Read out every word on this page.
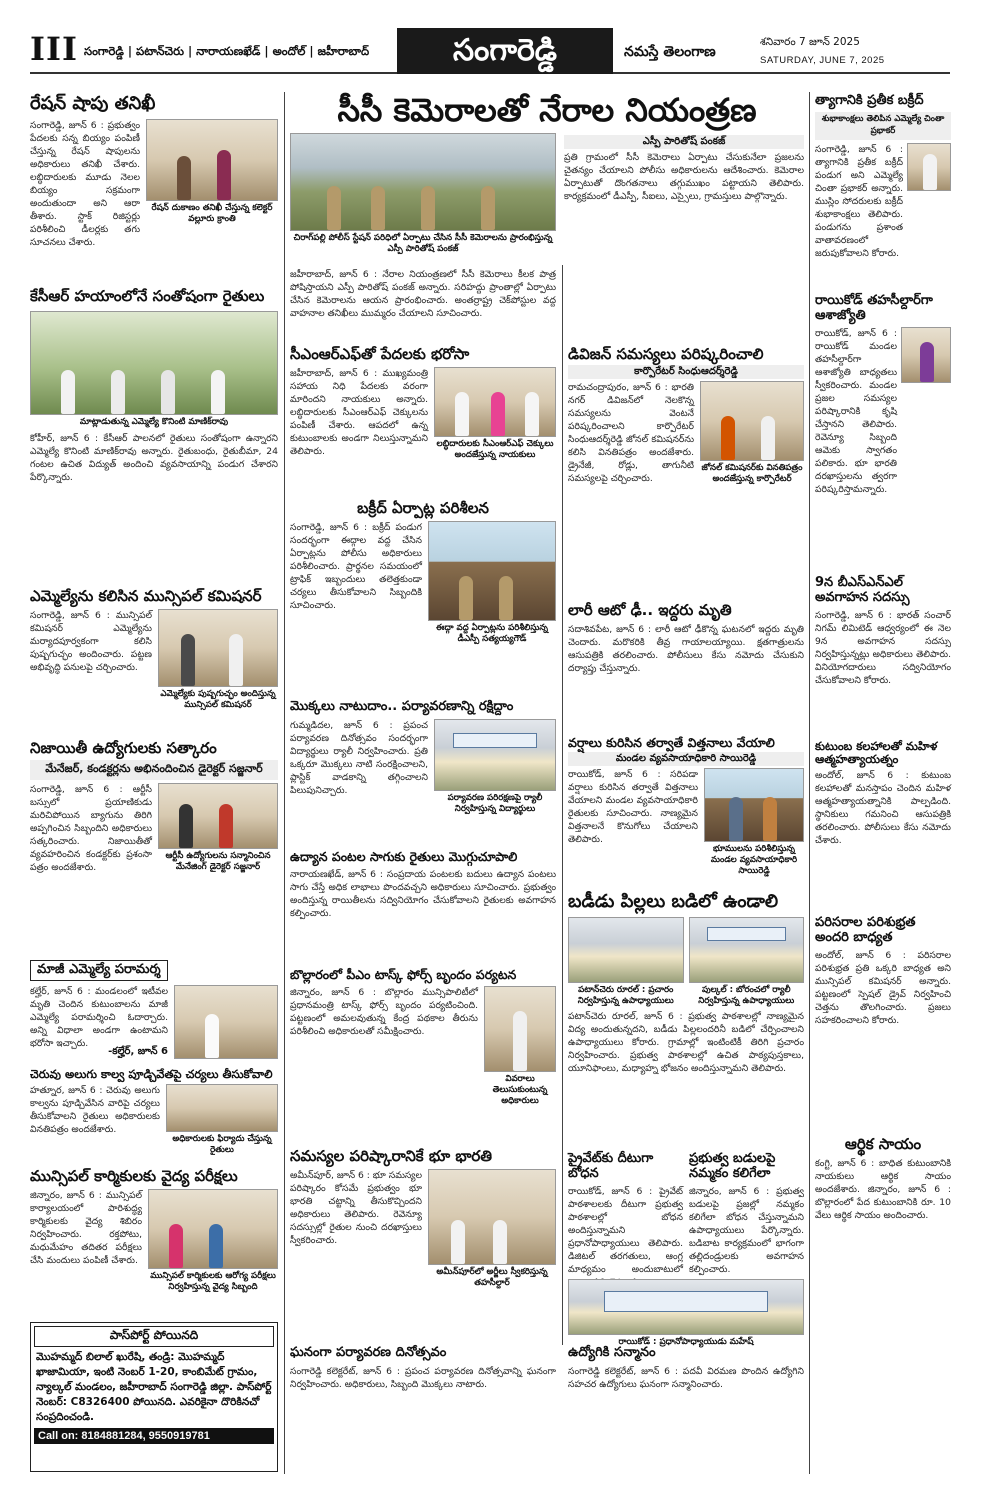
III సంగారెడ్డి | పటాన్‌చెరు | నారాయణఖేడ్ | అందోల్ | జహీరాబాద్	సంగారెడ్డి	నమస్తే తెలంగాణ
శనివారం 7 జూన్ 2025
SATURDAY, JUNE 7, 2025
రేషన్ షాపు తనిఖీ
సంగారెడ్డి, జూన్ 6 : ప్రభుత్వం పేదలకు సన్న బియ్యం పంపిణీ చేస్తున్న రేషన్ షాపులను అధికారులు తనిఖీ చేశారు. లబ్ధిదారులకు మూడు నెలల బియ్యం సక్రమంగా అందుతుందా అని ఆరా తీశారు. స్టాక్ రిజిస్టర్లు పరిశీలించి డీలర్లకు తగు సూచనలు చేశారు.
రేషన్ దుకాణం తనిఖీ చేస్తున్న కలెక్టర్ వల్లూరు క్రాంతి
కేసీఆర్ హయాంలోనే సంతోషంగా రైతులు
మాట్లాడుతున్న ఎమ్మెల్యే కొనింటి మాణిక్‌రావు
కోహీర్, జూన్ 6 : కేసీఆర్ పాలనలో రైతులు సంతోషంగా ఉన్నారని ఎమ్మెల్యే కొనింటి మాణిక్‌రావు అన్నారు. రైతుబంధు, రైతుబీమా, 24 గంటల ఉచిత విద్యుత్ అందించి వ్యవసాయాన్ని పండుగ చేశారని పేర్కొన్నారు.
ఎమ్మెల్యేను కలిసిన మున్సిపల్ కమిషనర్
సంగారెడ్డి, జూన్ 6 : మున్సిపల్ కమిషనర్ ఎమ్మెల్యేను మర్యాదపూర్వకంగా కలిసి పుష్పగుచ్ఛం అందించారు. పట్టణ అభివృద్ధి పనులపై చర్చించారు.
ఎమ్మెల్యేకు పుష్పగుచ్ఛం అందిస్తున్న మున్సిపల్ కమిషనర్
నిజాయితీ ఉద్యోగులకు సత్కారం
మేనేజర్, కండక్టర్లను అభినందించిన డైరెక్టర్ సజ్జనార్
సంగారెడ్డి, జూన్ 6 : ఆర్టీసీ బస్సులో ప్రయాణికుడు మరిచిపోయిన బ్యాగును తిరిగి అప్పగించిన సిబ్బందిని అధికారులు సత్కరించారు. నిజాయితీతో వ్యవహరించిన కండక్టర్‌కు ప్రశంసా పత్రం అందజేశారు.
ఆర్టీసీ ఉద్యోగులను సన్మానించిన మేనేజింగ్ డైరెక్టర్ సజ్జనార్
మాజీ ఎమ్మెల్యే పరామర్శ
కల్హేర్, జూన్ 6 : మండలంలో ఇటీవల మృతి చెందిన కుటుంబాలను మాజీ ఎమ్మెల్యే పరామర్శించి ఓదార్చారు. అన్ని విధాలా అండగా ఉంటామని భరోసా ఇచ్చారు.
-కల్హేర్, జూన్ 6
చెరువు అలుగు కాల్వ పూడ్చివేతపై చర్యలు తీసుకోవాలి
హత్నూర, జూన్ 6 : చెరువు అలుగు కాల్వను పూడ్చివేసిన వారిపై చర్యలు తీసుకోవాలని రైతులు అధికారులకు వినతిపత్రం అందజేశారు.
అధికారులకు ఫిర్యాదు చేస్తున్న రైతులు
మున్సిపల్ కార్మికులకు వైద్య పరీక్షలు
జిన్నారం, జూన్ 6 : మున్సిపల్ కార్యాలయంలో పారిశుద్ధ్య కార్మికులకు వైద్య శిబిరం నిర్వహించారు. రక్తపోటు, మధుమేహం తదితర పరీక్షలు చేసి మందులు పంపిణీ చేశారు.
మున్సిపల్ కార్మికులకు ఆరోగ్య పరీక్షలు నిర్వహిస్తున్న వైద్య సిబ్బంది
పాస్‌పోర్ట్ పోయినది
మొహమ్మద్ బిలాల్ ఖురేషి, తండ్రి: మొహమ్మద్ ఖాజామియా, ఇంటి నెంబర్ 1-20, కాంబిమేట్ గ్రామం, న్యాల్కల్ మండలం, జహీరాబాద్ సంగారెడ్డి జిల్లా. పాస్‌పోర్ట్ నెంబర్: C8326400 పోయినది. ఎవరికైనా దొరికినచో సంప్రదించండి.
Call on: 8184881284, 9550919781
సీసీ కెమెరాలతో నేరాల నియంత్రణ
చిరాగ్‌పల్లి పోలీస్ స్టేషన్ పరిధిలో ఏర్పాటు చేసిన సీసీ కెమెరాలను ప్రారంభిస్తున్న ఎస్పీ పారితోష్ పంకజ్
ఎస్పీ పారితోష్ పంకజ్
ప్రతి గ్రామంలో సీసీ కెమెరాలు ఏర్పాటు చేసుకునేలా ప్రజలను చైతన్యం చేయాలని పోలీసు అధికారులను ఆదేశించారు. కెమెరాల ఏర్పాటుతో దొంగతనాలు తగ్గుముఖం పట్టాయని తెలిపారు. కార్యక్రమంలో డీఎస్పీ, సీఐలు, ఎస్సైలు, గ్రామస్తులు పాల్గొన్నారు.
జహీరాబాద్, జూన్ 6 : నేరాల నియంత్రణలో సీసీ కెమెరాలు కీలక పాత్ర పోషిస్తాయని ఎస్పీ పారితోష్ పంకజ్ అన్నారు. సరిహద్దు ప్రాంతాల్లో ఏర్పాటు చేసిన కెమెరాలను ఆయన ప్రారంభించారు. అంతర్రాష్ట్ర చెక్‌పోస్టుల వద్ద వాహనాల తనిఖీలు ముమ్మరం చేయాలని సూచించారు.
సీఎంఆర్‌ఎఫ్‌తో పేదలకు భరోసా
జహీరాబాద్, జూన్ 6 : ముఖ్యమంత్రి సహాయ నిధి పేదలకు వరంగా మారిందని నాయకులు అన్నారు. లబ్ధిదారులకు సీఎంఆర్‌ఎఫ్ చెక్కులను పంపిణీ చేశారు. ఆపదలో ఉన్న కుటుంబాలకు అండగా నిలుస్తున్నామని తెలిపారు.
లబ్ధిదారులకు సీఎంఆర్‌ఎఫ్ చెక్కులు అందజేస్తున్న నాయకులు
బక్రీద్ ఏర్పాట్ల పరిశీలన
సంగారెడ్డి, జూన్ 6 : బక్రీద్ పండుగ సందర్భంగా ఈద్గాల వద్ద చేసిన ఏర్పాట్లను పోలీసు అధికారులు పరిశీలించారు. ప్రార్థనల సమయంలో ట్రాఫిక్ ఇబ్బందులు తలెత్తకుండా చర్యలు తీసుకోవాలని సిబ్బందికి సూచించారు.
ఈద్గా వద్ద ఏర్పాట్లను పరిశీలిస్తున్న డీఎస్పీ సత్యయ్యగౌడ్
మొక్కలు నాటుదాం.. పర్యావరణాన్ని రక్షిద్దాం
గుమ్మడిదల, జూన్ 6 : ప్రపంచ పర్యావరణ దినోత్సవం సందర్భంగా విద్యార్థులు ర్యాలీ నిర్వహించారు. ప్రతి ఒక్కరూ మొక్కలు నాటి సంరక్షించాలని, ప్లాస్టిక్ వాడకాన్ని తగ్గించాలని పిలుపునిచ్చారు.
పర్యావరణ పరిరక్షణపై ర్యాలీ నిర్వహిస్తున్న విద్యార్థులు
ఉద్యాన పంటల సాగుకు రైతులు మొగ్గుచూపాలి
నారాయణఖేడ్, జూన్ 6 : సంప్రదాయ పంటలకు బదులు ఉద్యాన పంటలు సాగు చేస్తే అధిక లాభాలు పొందవచ్చని అధికారులు సూచించారు. ప్రభుత్వం అందిస్తున్న రాయితీలను సద్వినియోగం చేసుకోవాలని రైతులకు అవగాహన కల్పించారు.
బొల్లారంలో పీఎం టాస్క్ ఫోర్స్ బృందం పర్యటన
జిన్నారం, జూన్ 6 : బొల్లారం మున్సిపాలిటీలో ప్రధానమంత్రి టాస్క్ ఫోర్స్ బృందం పర్యటించింది. పట్టణంలో అమలవుతున్న కేంద్ర పథకాల తీరును పరిశీలించి అధికారులతో సమీక్షించారు.
వివరాలు తెలుసుకుంటున్న అధికారులు
సమస్యల పరిష్కారానికే భూ భారతి
అమీన్‌పూర్, జూన్ 6 : భూ సమస్యల పరిష్కారం కోసమే ప్రభుత్వం భూ భారతి చట్టాన్ని తీసుకొచ్చిందని అధికారులు తెలిపారు. రెవెన్యూ సదస్సుల్లో రైతుల నుంచి దరఖాస్తులు స్వీకరించారు.
అమీన్‌పూర్‌లో అర్జీలు స్వీకరిస్తున్న తహసీల్దార్
ఘనంగా పర్యావరణ దినోత్సవం
సంగారెడ్డి కలెక్టరేట్, జూన్ 6 : ప్రపంచ పర్యావరణ దినోత్సవాన్ని ఘనంగా నిర్వహించారు. అధికారులు, సిబ్బంది మొక్కలు నాటారు.
ఉద్యోగికి సన్మానం
సంగారెడ్డి కలెక్టరేట్, జూన్ 6 : పదవీ విరమణ పొందిన ఉద్యోగిని సహచర ఉద్యోగులు ఘనంగా సన్మానించారు.
డివిజన్ సమస్యలు పరిష్కరించాలి
కార్పొరేటర్ సింధుఆదర్శ్‌రెడ్డి
రామచంద్రాపురం, జూన్ 6 : భారతి నగర్ డివిజన్‌లో నెలకొన్న సమస్యలను వెంటనే పరిష్కరించాలని కార్పొరేటర్ సింధుఆదర్శ్‌రెడ్డి జోనల్ కమిషనర్‌ను కలిసి వినతిపత్రం అందజేశారు. డ్రైనేజీ, రోడ్లు, తాగునీటి సమస్యలపై చర్చించారు.
జోనల్ కమిషనర్‌కు వినతిపత్రం అందజేస్తున్న కార్పొరేటర్
లారీ ఆటో ఢీ.. ఇద్దరు మృతి
సదాశివపేట, జూన్ 6 : లారీ ఆటో ఢీకొన్న ఘటనలో ఇద్దరు మృతి చెందారు. మరొకరికి తీవ్ర గాయాలయ్యాయి. క్షతగాత్రులను ఆసుపత్రికి తరలించారు. పోలీసులు కేసు నమోదు చేసుకుని దర్యాప్తు చేస్తున్నారు.
వర్షాలు కురిసిన తర్వాతే విత్తనాలు వేయాలి
మండల వ్యవసాయాధికారి సాయిరెడ్డి
రాయికోడ్, జూన్ 6 : సరిపడా వర్షాలు కురిసిన తర్వాతే విత్తనాలు వేయాలని మండల వ్యవసాయాధికారి రైతులకు సూచించారు. నాణ్యమైన విత్తనాలనే కొనుగోలు చేయాలని తెలిపారు.
భూములను పరిశీలిస్తున్న మండల వ్యవసాయాధికారి సాయిరెడ్డి
బడీడు పిల్లలు బడిలో ఉండాలి
పటాన్‌చెరు రూరల్ : ప్రచారం నిర్వహిస్తున్న ఉపాధ్యాయులు
పుల్కల్ : బోరంచలో ర్యాలీ నిర్వహిస్తున్న ఉపాధ్యాయులు
పటాన్‌చెరు రూరల్, జూన్ 6 : ప్రభుత్వ పాఠశాలల్లో నాణ్యమైన విద్య అందుతున్నదని, బడీడు పిల్లలందరినీ బడిలో చేర్పించాలని ఉపాధ్యాయులు కోరారు. గ్రామాల్లో ఇంటింటికీ తిరిగి ప్రచారం నిర్వహించారు. ప్రభుత్వ పాఠశాలల్లో ఉచిత పాఠ్యపుస్తకాలు, యూనిఫాంలు, మధ్యాహ్న భోజనం అందిస్తున్నామని తెలిపారు.
ప్రైవేట్‌కు దీటుగా బోధన
రాయికోడ్, జూన్ 6 : ప్రైవేట్ పాఠశాలలకు దీటుగా ప్రభుత్వ పాఠశాలల్లో బోధన అందిస్తున్నామని ప్రధానోపాధ్యాయులు తెలిపారు. డిజిటల్ తరగతులు, ఆంగ్ల మాధ్యమం అందుబాటులో
ప్రభుత్వ బడులపై నమ్మకం కలిగేలా
జిన్నారం, జూన్ 6 : ప్రభుత్వ బడులపై ప్రజల్లో నమ్మకం కలిగేలా బోధన చేస్తున్నామని ఉపాధ్యాయులు పేర్కొన్నారు. బడిబాట కార్యక్రమంలో భాగంగా తల్లిదండ్రులకు అవగాహన కల్పించారు.
రాయికోడ్ : ప్రధానోపాధ్యాయుడు మహేష్
త్యాగానికి ప్రతీక బక్రీద్
శుభాకాంక్షలు తెలిపిన ఎమ్మెల్యే చింతా ప్రభాకర్
సంగారెడ్డి, జూన్ 6 : త్యాగానికి ప్రతీక బక్రీద్ పండుగ అని ఎమ్మెల్యే చింతా ప్రభాకర్ అన్నారు. ముస్లిం సోదరులకు బక్రీద్ శుభాకాంక్షలు తెలిపారు. పండుగను ప్రశాంత వాతావరణంలో జరుపుకోవాలని కోరారు.
రాయికోడ్ తహసీల్దార్‌గా ఆశాజ్యోతి
రాయికోడ్, జూన్ 6 : రాయికోడ్ మండల తహసీల్దార్‌గా ఆశాజ్యోతి బాధ్యతలు స్వీకరించారు. మండల ప్రజల సమస్యల పరిష్కారానికి కృషి చేస్తానని తెలిపారు. రెవెన్యూ సిబ్బంది ఆమెకు స్వాగతం పలికారు. భూ భారతి దరఖాస్తులను త్వరగా పరిష్కరిస్తామన్నారు.
9న బీఎస్‌ఎన్‌ఎల్ అవగాహన సదస్సు
సంగారెడ్డి, జూన్ 6 : భారత్ సంచార్ నిగమ్ లిమిటెడ్ ఆధ్వర్యంలో ఈ నెల 9న అవగాహన సదస్సు నిర్వహిస్తున్నట్లు అధికారులు తెలిపారు. వినియోగదారులు సద్వినియోగం చేసుకోవాలని కోరారు.
కుటుంబ కలహాలతో మహిళ ఆత్మహత్యాయత్నం
అందోల్, జూన్ 6 : కుటుంబ కలహాలతో మనస్తాపం చెందిన మహిళ ఆత్మహత్యాయత్నానికి పాల్పడింది. స్థానికులు గమనించి ఆసుపత్రికి తరలించారు. పోలీసులు కేసు నమోదు చేశారు.
పరిసరాల పరిశుభ్రత అందరి బాధ్యత
అందోల్, జూన్ 6 : పరిసరాల పరిశుభ్రత ప్రతి ఒక్కరి బాధ్యత అని మున్సిపల్ కమిషనర్ అన్నారు. పట్టణంలో స్పెషల్ డ్రైవ్ నిర్వహించి చెత్తను తొలగించారు. ప్రజలు సహకరించాలని కోరారు.
ఆర్థిక సాయం
కంగ్టి, జూన్ 6 : బాధిత కుటుంబానికి నాయకులు ఆర్థిక సాయం అందజేశారు. జిన్నారం, జూన్ 6 : బొల్లారంలో పేద కుటుంబానికి రూ. 10 వేలు ఆర్థిక సాయం అందించారు.
